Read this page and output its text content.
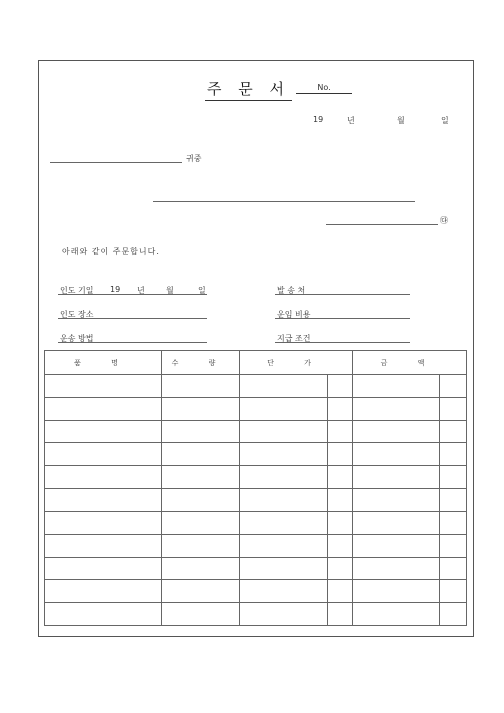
주 문 서	No.
19	년	월	일
귀중
㉰
아래와 같이 주문합니다.
인도 기일 19 년	월	일	발 송 처
인도 장소	운임 비용
운송 방법	지급 조건
품 명	수 량	단 가		금 액	
